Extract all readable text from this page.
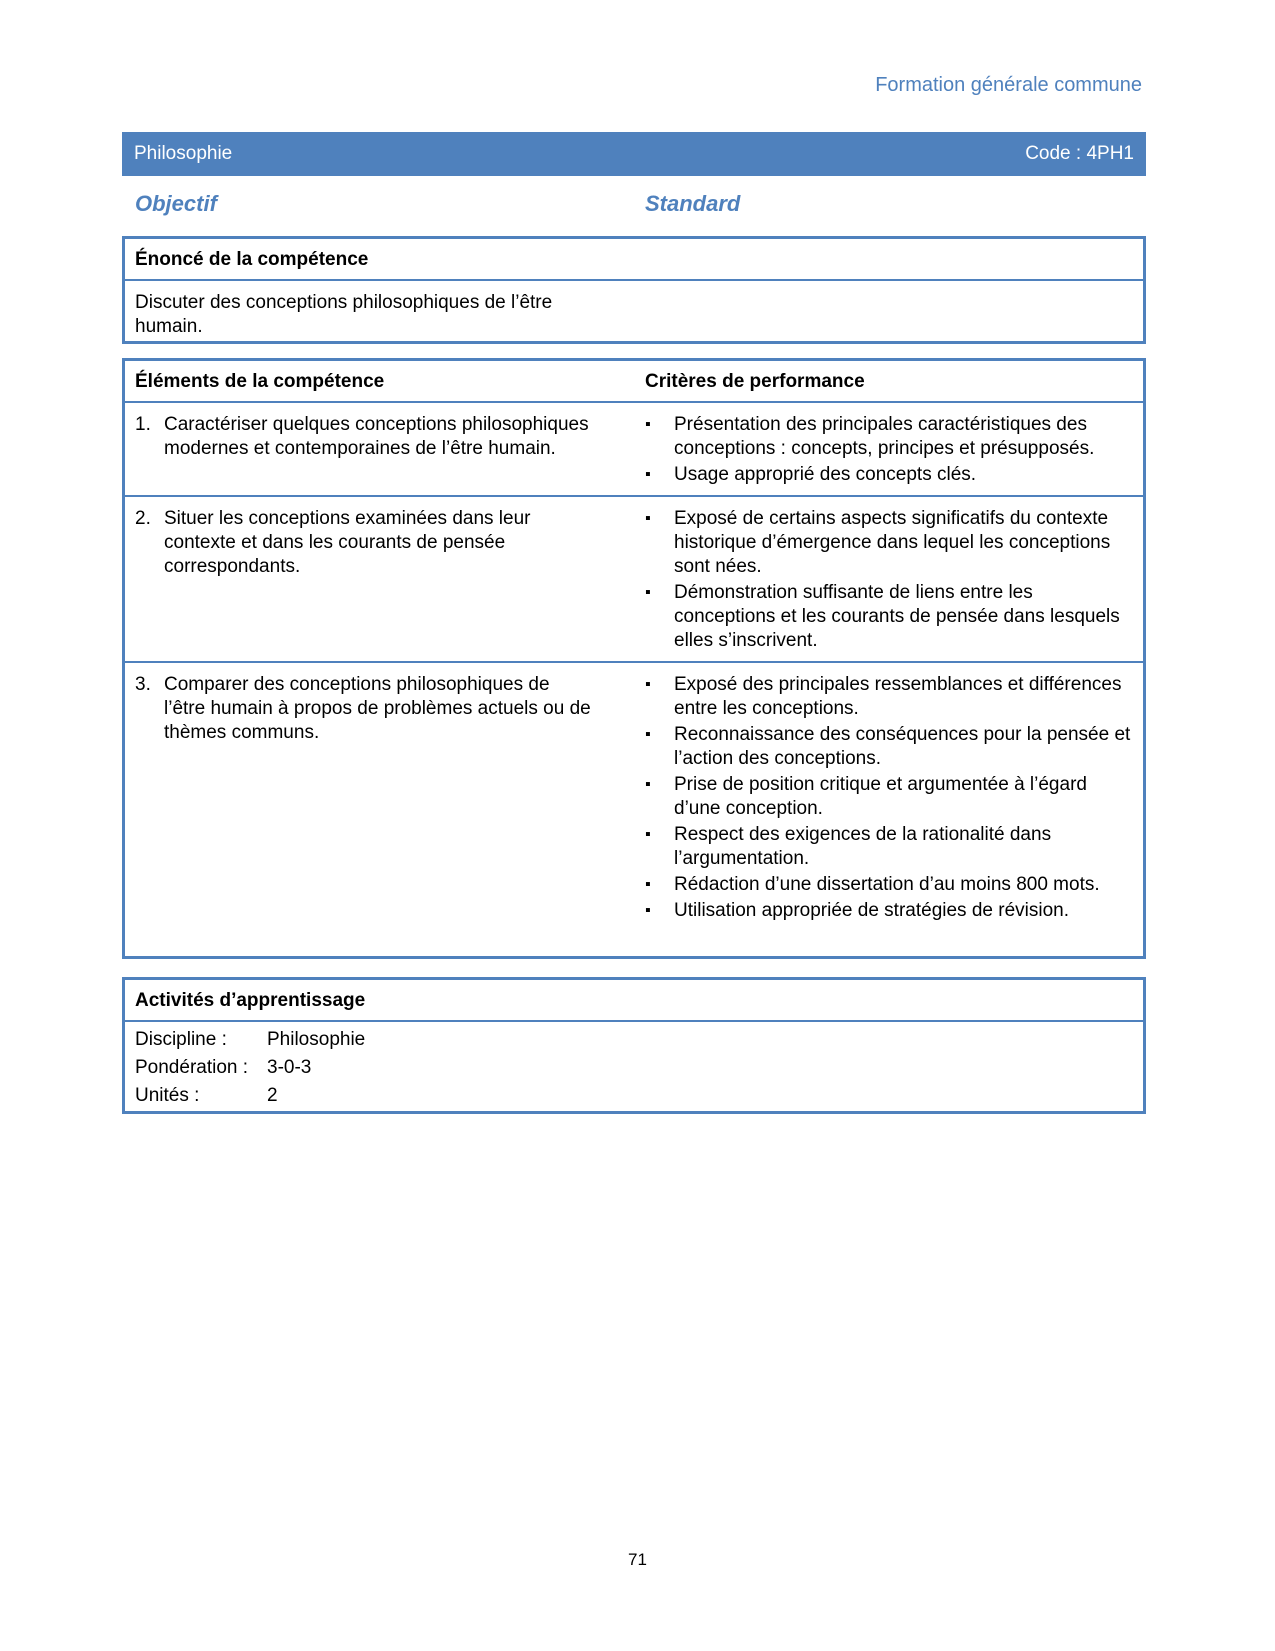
Formation générale commune
Philosophie	Code : 4PH1
Objectif	Standard
Énoncé de la compétence
Discuter des conceptions philosophiques de l’être humain.
Éléments de la compétence	Critères de performance
1. Caractériser quelques conceptions philosophiques modernes et contemporaines de l’être humain.
▪	Présentation des principales caractéristiques des conceptions : concepts, principes et présupposés.
▪	Usage approprié des concepts clés.
2. Situer les conceptions examinées dans leur contexte et dans les courants de pensée correspondants.
▪	Exposé de certains aspects significatifs du contexte historique d’émergence dans lequel les conceptions sont nées.
▪	Démonstration suffisante de liens entre les conceptions et les courants de pensée dans lesquels elles s’inscrivent.
3. Comparer des conceptions philosophiques de l’être humain à propos de problèmes actuels ou de thèmes communs.
▪	Exposé des principales ressemblances et différences entre les conceptions.
▪	Reconnaissance des conséquences pour la pensée et l’action des conceptions.
▪	Prise de position critique et argumentée à l’égard d’une conception.
▪	Respect des exigences de la rationalité dans l’argumentation.
▪	Rédaction d’une dissertation d’au moins 800 mots.
▪	Utilisation appropriée de stratégies de révision.
Activités d’apprentissage
Discipline :	Philosophie
Pondération : 3-0-3
Unités :	2
71
